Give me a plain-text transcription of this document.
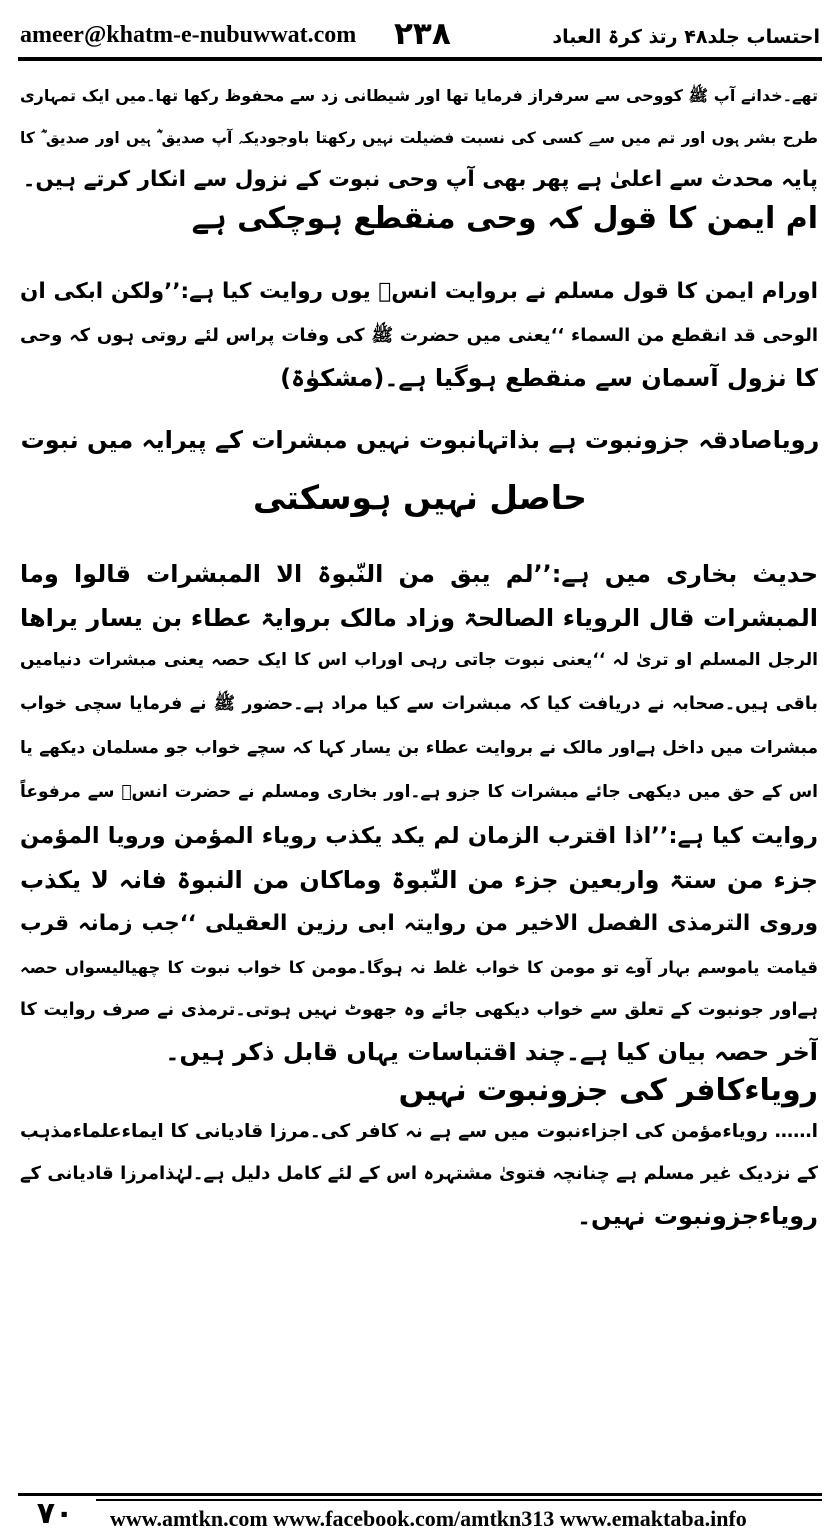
ameer@khatm-e-nubuwwat.com ۲۳۸	احتساب جلد۴۸ رتذ کرۃ العباد

تھے۔خدانے آپ ﷺ کووحی سے سرفراز فرمایا تھا اور شیطانی زد سے محفوظ رکھا تھا۔میں ایک تمہاری

طرح بشر ہوں اور تم میں سے کسی کی نسبت فضیلت نہیں رکھتا باوجودیکہ آپ صدیق ؓ ہیں اور صدیق ؓ کا

پایہ محدث سے اعلیٰ ہے پھر بھی آپ وحی نبوت کے نزول سے انکار کرتے ہیں۔

ام ایمن کا قول کہ وحی منقطع ہوچکی ہے

اورام ایمن کا قول مسلم نے بروایت انسؓ یوں روایت کیا ہے:’’ولکن ابکی ان

الوحی قد انقطع من السماء ‘‘یعنی میں حضرت ﷺ کی وفات پراس لئے روتی ہوں کہ وحی

کا نزول آسمان سے منقطع ہوگیا ہے۔(مشکوٰۃ)

رویاصادقہ جزونبوت ہے بذاتہانبوت نہیں مبشرات کے پیرایہ میں نبوت

حاصل نہیں ہوسکتی

حدیث بخاری میں ہے:’’لم یبق من النّبوۃ الا المبشرات قالوا وما

المبشرات قال الرویاء الصالحۃ وزاد مالک بروایۃ عطاء بن یسار یراھا

الرجل المسلم او تریٰ لہ ‘‘یعنی نبوت جاتی رہی اوراب اس کا ایک حصہ یعنی مبشرات دنیامیں

باقی ہیں۔صحابہ نے دریافت کیا کہ مبشرات سے کیا مراد ہے۔حضور ﷺ نے فرمایا سچی خواب

مبشرات میں داخل ہےاور مالک نے بروایت عطاء بن یسار کہا کہ سچے خواب جو مسلمان دیکھے یا

اس کے حق میں دیکھی جائے مبشرات کا جزو ہے۔اور بخاری ومسلم نے حضرت انسؓ سے مرفوعاً

روایت کیا ہے:’’اذا اقترب الزمان لم یکد یکذب رویاء المؤمن ورویا المؤمن

جزء من ستۃ واربعین جزء من النّبوۃ وماکان من النبوۃ فانہ لا یکذب

وروی الترمذی الفصل الاخیر من روایتہ ابی رزین العقیلی ‘‘جب زمانہ قرب

قیامت یاموسم بہار آوے تو مومن کا خواب غلط نہ ہوگا۔مومن کا خواب نبوت کا چھیالیسواں حصہ

ہےاور جونبوت کے تعلق سے خواب دیکھی جائے وہ جھوٹ نہیں ہوتی۔ترمذی نے صرف روایت کا

آخر حصہ بیان کیا ہے۔چند اقتباسات یہاں قابل ذکر ہیں۔

رویاءکافر کی جزونبوت نہیں

ا…… رویاءمؤمن کی اجزاءنبوت میں سے ہے نہ کافر کی۔مرزا قادیانی کا ایماءعلماءمذہب

کے نزدیک غیر مسلم ہے چنانچہ فتویٰ مشتہرہ اس کے لئے کامل دلیل ہے۔لہٰذامرزا قادیانی کے

رویاءجزونبوت نہیں۔

۷۰	www.amtkn.com www.facebook.com/amtkn313 www.emaktaba.info
